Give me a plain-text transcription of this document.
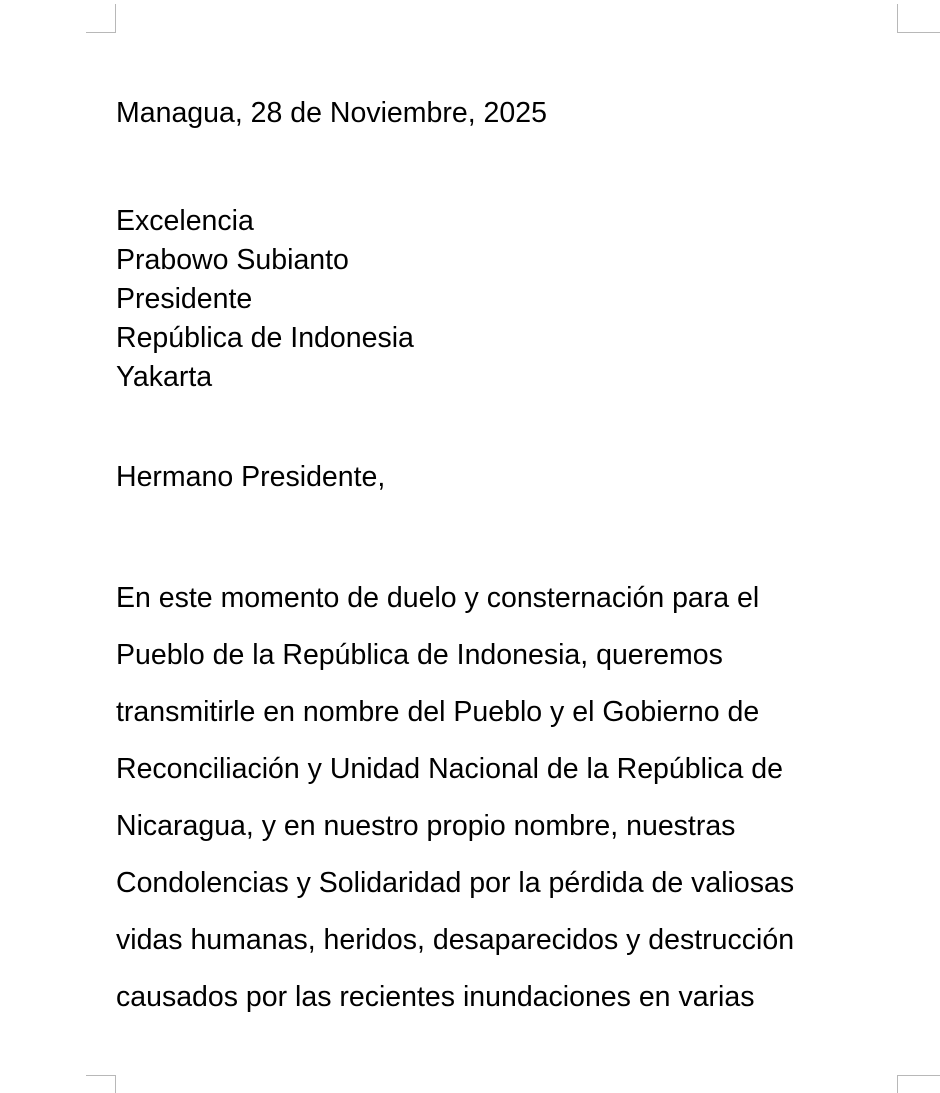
Managua, 28 de Noviembre, 2025
Excelencia
Prabowo Subianto
Presidente
República de Indonesia
Yakarta
Hermano Presidente,
En este momento de duelo y consternación para el
Pueblo de la República de Indonesia, queremos
transmitirle en nombre del Pueblo y el Gobierno de
Reconciliación y Unidad Nacional de la República de
Nicaragua, y en nuestro propio nombre, nuestras
Condolencias y Solidaridad por la pérdida de valiosas
vidas humanas, heridos, desaparecidos y destrucción
causados por las recientes inundaciones en varias
